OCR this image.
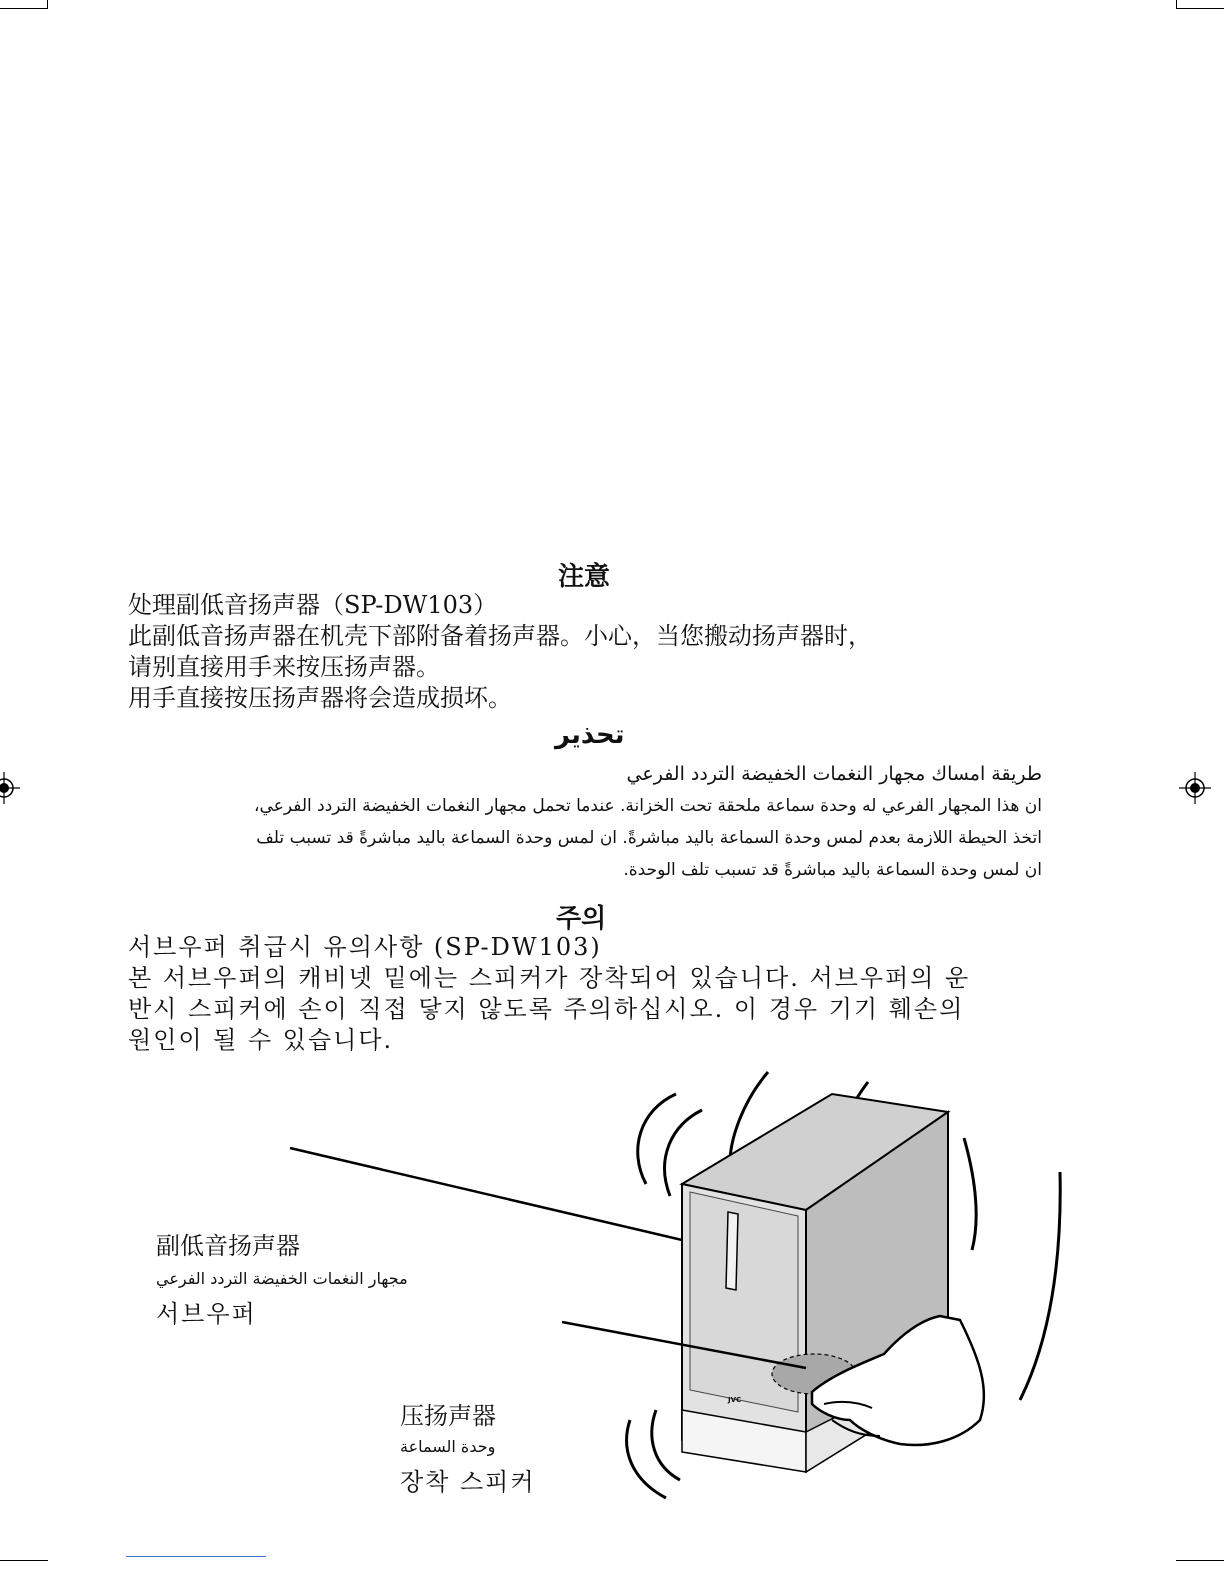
注意
处理副低音扬声器（SP-DW103）
此副低音扬声器在机壳下部附备着扬声器。小心，当您搬动扬声器时，
请别直接用手来按压扬声器。
用手直接按压扬声器将会造成损坏。
تحذير
طريقة امساك مجهار النغمات الخفيضة التردد الفرعي
ان هذا المجهار الفرعي له وحدة سماعة ملحقة تحت الخزانة. عندما تحمل مجهار النغمات الخفيضة التردد الفرعي،
اتخذ الحيطة اللازمة بعدم لمس وحدة السماعة باليد مباشرةً. ان لمس وحدة السماعة باليد مباشرةً قد تسبب تلف
ان لمس وحدة السماعة باليد مباشرةً قد تسبب تلف الوحدة.
주의
서브우퍼 취급시 유의사항 (SP-DW103)
본 서브우퍼의 캐비넷 밑에는 스피커가 장착되어 있습니다. 서브우퍼의 운
반시 스피커에 손이 직접 닿지 않도록 주의하십시오. 이 경우 기기 훼손의
원인이 될 수 있습니다.
JVC
副低音扬声器
مجهار النغمات الخفيضة التردد الفرعي
서브우퍼
压扬声器
وحدة السماعة
장착 스피커
